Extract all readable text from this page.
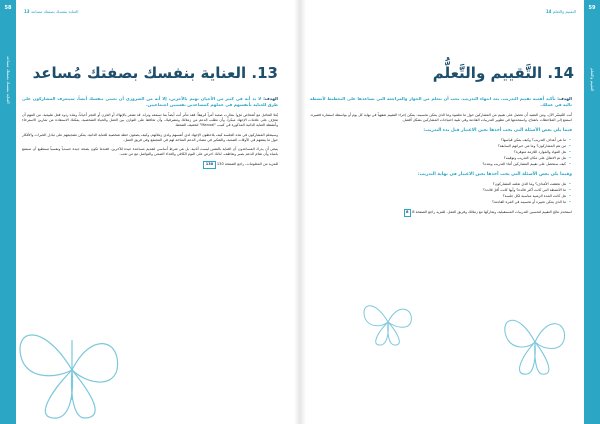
58
العناية بنفسك بصفتك مساعد
13 العناية بنفسك بصفتك مساعد
13. العناية بنفسك بصفتك مُساعد
الهدف: لا بد أنه في كثير من الأحيان تهتم بالآخرين، إلا أنه من الضروري أن تعتني بنفسك أيضاً. سيتعرف المشاركون على طرق للعناية بأنفسهم في عملهم كمساعدين نفسيين اجتماعيين.
يُعدّ التعامل مع أشخاص مرّوا بتجارب صعبة أمراً مُرهِقاً؛ فقد تتأثر أنت أيضاً بما تسمعه وتراه. قد تشعر بالإنهاك أو الحزن أو العجز أحياناً، وهذه ردود فعل طبيعية. من المهم أن تتعرّف على علامات الإجهاد مبكراً، وأن تطلب الدعم من زملائك ومشرفيك، وأن تحافظ على التوازن بين العمل والحياة الشخصية. يمكنك الاستفادة من تمارين الاسترخاء وأنشطة العناية الذاتية المذكورة في كتيب "Manual" لتخفيف الضغط.
وسيتعلم المشاركون في هذه الجلسة كيف يلاحظون الإجهاد لدى أنفسهم ولدى زملائهم، وكيف يضعون خطة شخصية للعناية الذاتية. يمكن تشجيعهم على تبادل الخبرات والأفكار حول ما ينفعهم في الأوقات الصعبة، والتفكير في مصادر الدعم المتاحة لهم في المجتمع وفي فريق العمل.
ينبغي أن يدرك المساعدون أن العناية بالنفس ليست أنانية، بل هي شرط أساسي لتقديم مساعدة جيدة للآخرين. فعندما تكون بصحة جيدة جسدياً ونفسياً تستطيع أن تستمع بانتباه وأن تقدّم الدعم بصبر وتعاطف. لذلك احرص على النوم الكافي والغذاء الصحي والتواصل مع من تحب.
للمزيد من المعلومات، راجع الصفحة 130 130
59
التقييم والتعلم
14 التقييم والتعلم
14. التَّقييم والتَّعلُّم
الهدف: تأكيد أهمية تقييم التدريب. بعد انتهاء التدريب، يجب أن تتعلم من الحوار والمراجعة التي تساعدها على التخطيط لأنشطة تالية في عملك.
أنت المُيسِّر الآن، ومن المفيد أن تحصل على تقييم من المشاركين حول ما تعلموه وما الذي يمكن تحسينه. يمكن إجراء التقييم شفهياً في نهاية كل يوم أو بواسطة استمارة قصيرة. استمع إلى الملاحظات بانفتاح، واستخدمها في تطوير التدريبات القادمة وفي تلبية احتياجات المشاركين بشكل أفضل.
فيما يلي بعض الأسئلة التي يجب أخذها بعين الاعتبار قبل بدء التدريب:
• ما هي أهداف التدريب؟ وكيف يمكن قياسها؟
• من هم المشاركون؟ وما هي خبراتهم السابقة؟
• هل المواد والموارد اللازمة متوفرة؟
• هل تم الاتفاق على مكان التدريب وتوقيته؟
• كيف ستحصل على تقييم المشاركين أثناء التدريب وبعده؟
وفيما يلي بعض الأسئلة التي يجب أخذها بعين الاعتبار في نهاية التدريب:
• هل تحققت الأهداف؟ وما الذي تعلمه المشاركون؟
• ما الأنشطة التي كانت أكثر فائدة؟ وأيها كانت أقل فائدة؟
• هل كانت المدة الزمنية مناسبة لكل جلسة؟
• ما الذي يمكن تغييره أو تحسينه في المرة القادمة؟
استخدم نتائج التقييم لتحسين التدريبات المستقبلية، وشاركها مع زملائك وفريق العمل. للمزيد راجع الصفحة 8 8
